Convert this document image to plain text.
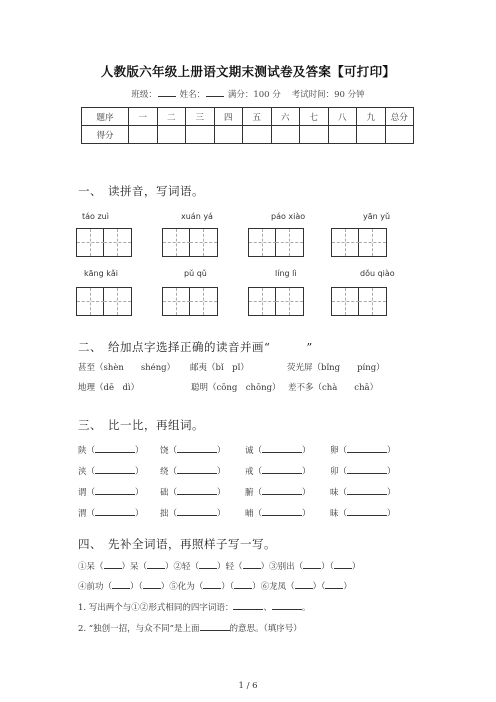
人教版六年级上册语文期末测试卷及答案【可打印】
班级：	姓名：	满分：100 分 考试时间：90 分钟
题序	一	二	三	四	五	六	七	八	九	总分
得分										
一、 读拼音，写词语。
táo zuì	xuán yá	páo xiào	yān yǔ
kāng kǎi	pǔ qǔ	líng lì	dǒu qiào
二、 给加点字选择正确的读音并画“　　　”
甚至（shèn　　shéng） 邮夷（bǐ　pǐ）	荧光屏（bǐng　　píng）
地理（dē　dì）	聪明（cōng　chōng） 差不多（chà　　chā）
三、 比一比，再组词。
陕（	） 饶（	） 诚（	） 卵（	）
浃（	） 绕（	） 戒（	） 卯（	）
谓（	） 础（	） 腑（	） 味（	）
渭（	） 拙（	） 晡（	） 昧（	）
四、 先补全词语，再照样子写一写。
①呆（ ）呆（ ）②轻（ ）轻（ ）③别出（ ）（ ）
④前功（ ）（ ）⑤化为（ ）（ ）⑥龙凤（ ）（ ）
1. 写出两个与①②形式相同的四字词语：	、	。
2. “独创一招，与众不同”是上面	的意思。（填序号）
1 / 6
